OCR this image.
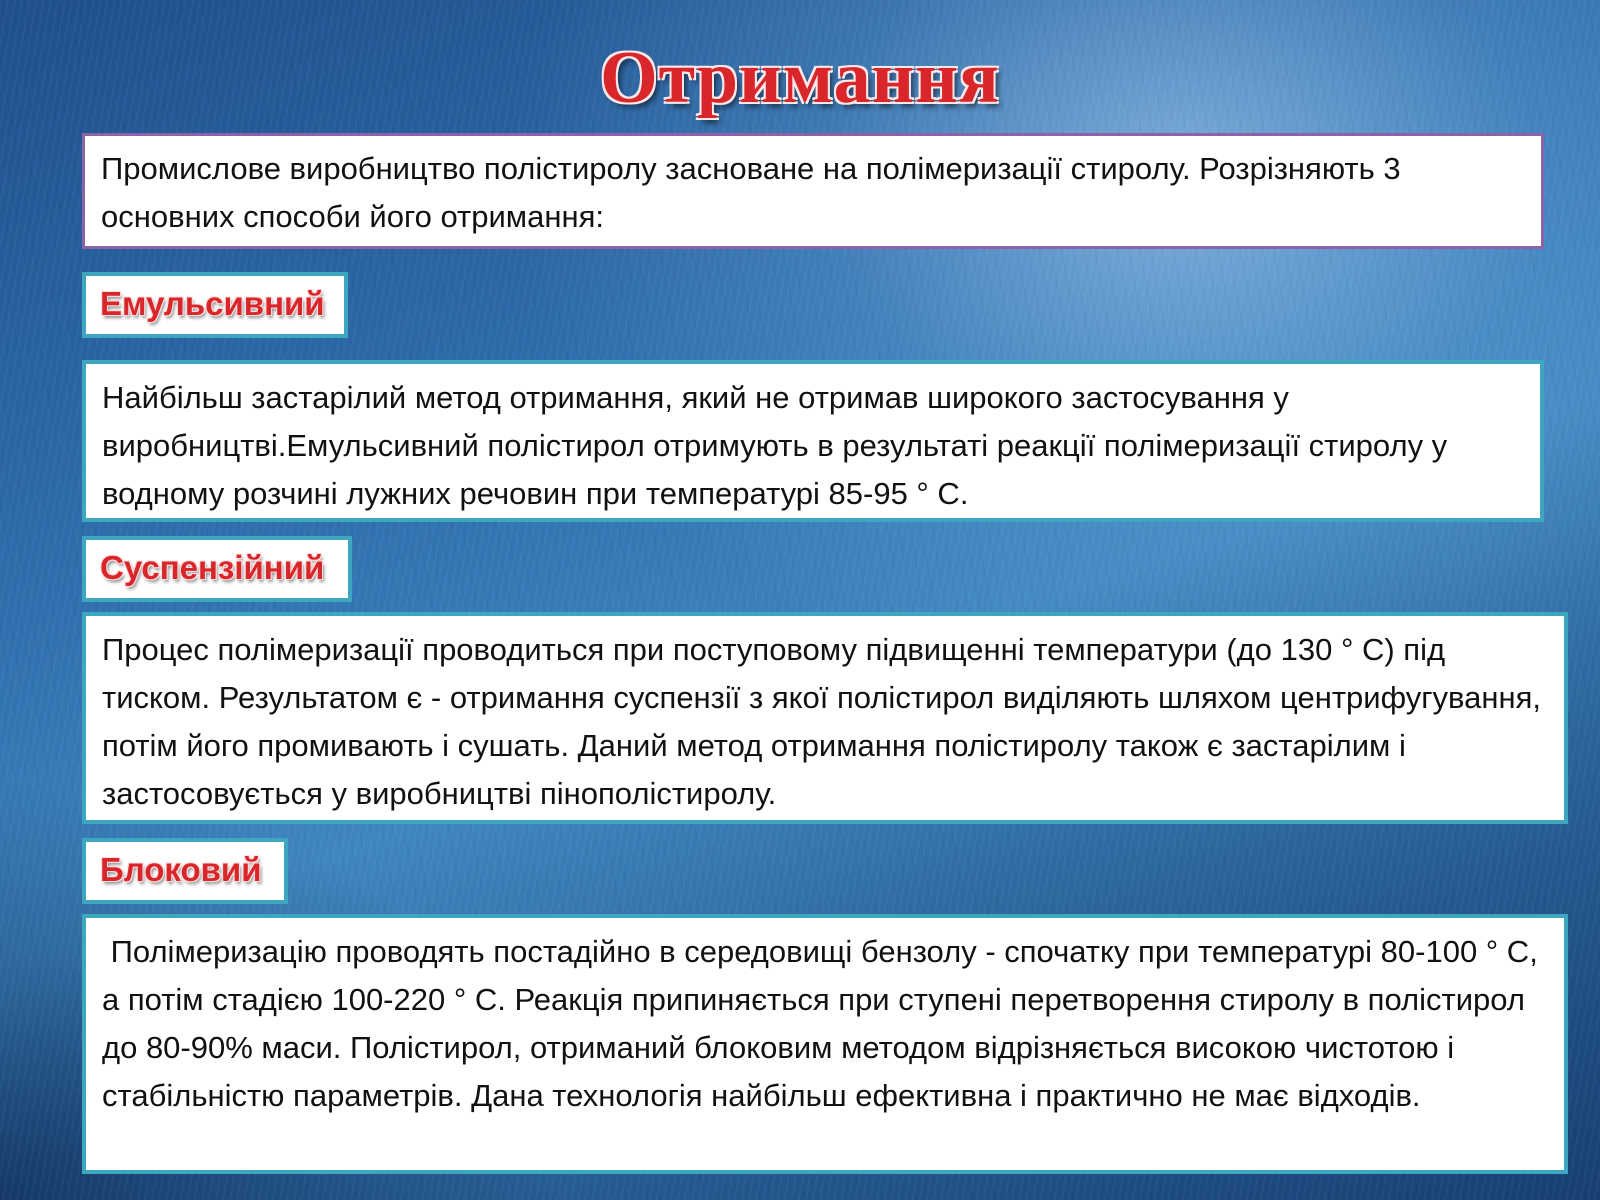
Отримання
Промислове виробництво полістиролу засноване на полімеризації стиролу. Розрізняють 3 основних способи його отримання:
Емульсивний
Найбільш застарілий метод отримання, який не отримав широкого застосування у виробництві.Емульсивний полістирол отримують в результаті реакції полімеризації стиролу у водному розчині лужних речовин при температурі 85-95 ° С.
Суспензійний
Процес полімеризації проводиться при поступовому підвищенні температури (до 130 ° С) під тиском. Результатом є - отримання суспензії з якої полістирол виділяють шляхом центрифугування, потім його промивають і сушать. Даний метод отримання полістиролу також є застарілим і застосовується у виробництві пінополістиролу.
Блоковий
Полімеризацію проводять постадійно в середовищі бензолу - спочатку при температурі 80-100 ° С, а потім стадією 100-220 ° С. Реакція припиняється при ступені перетворення стиролу в полістирол до 80-90% маси. Полістирол, отриманий блоковим методом відрізняється високою чистотою і стабільністю параметрів. Дана технологія найбільш ефективна і практично не має відходів.
